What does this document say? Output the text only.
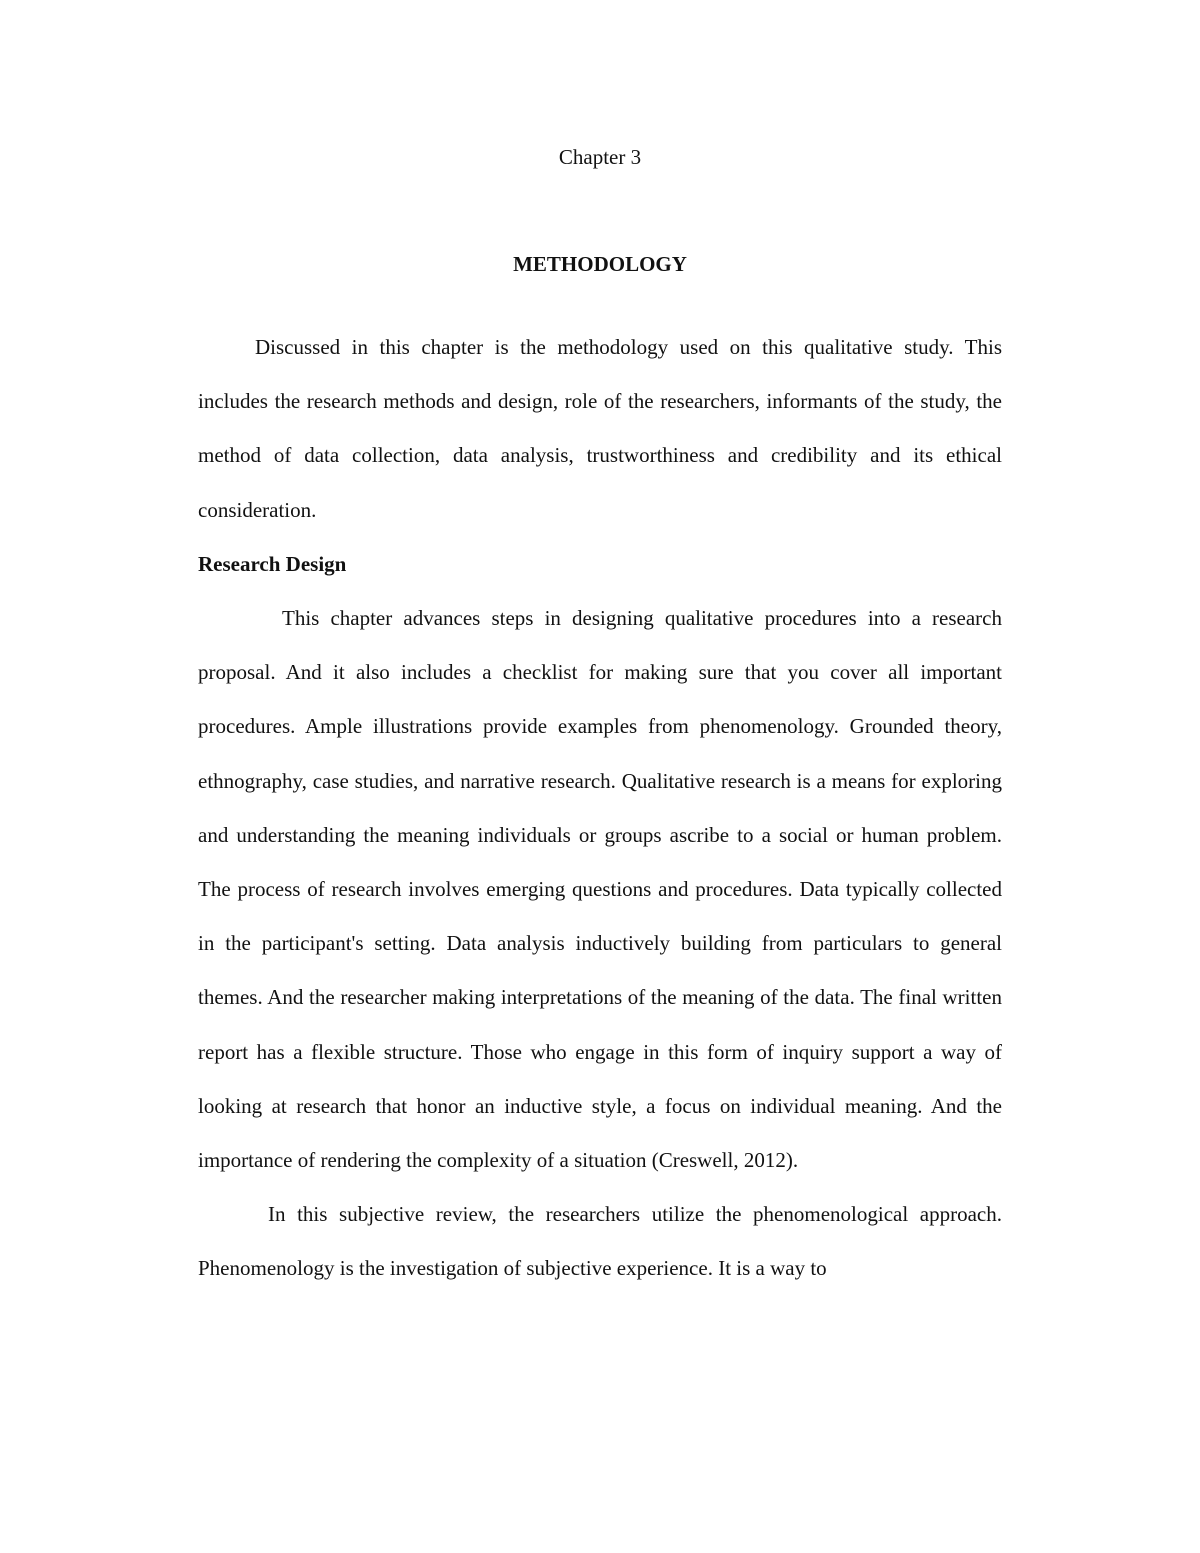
Chapter 3
METHODOLOGY

Discussed in this chapter is the methodology used on this qualitative study. This includes the research methods and design, role of the researchers, informants of the study, the method of data collection, data analysis, trustworthiness and credibility and its ethical consideration.

Research Design

This chapter advances steps in designing qualitative procedures into a research proposal. And it also includes a checklist for making sure that you cover all important procedures. Ample illustrations provide examples from phenomenology. Grounded theory, ethnography, case studies, and narrative research. Qualitative research is a means for exploring and understanding the meaning individuals or groups ascribe to a social or human problem. The process of research involves emerging questions and procedures. Data typically collected in the participant's setting. Data analysis inductively building from particulars to general themes. And the researcher making interpretations of the meaning of the data. The final written report has a flexible structure. Those who engage in this form of inquiry support a way of looking at research that honor an inductive style, a focus on individual meaning. And the importance of rendering the complexity of a situation (Creswell, 2012).

In this subjective review, the researchers utilize the phenomenological approach. Phenomenology is the investigation of subjective experience. It is a way to
